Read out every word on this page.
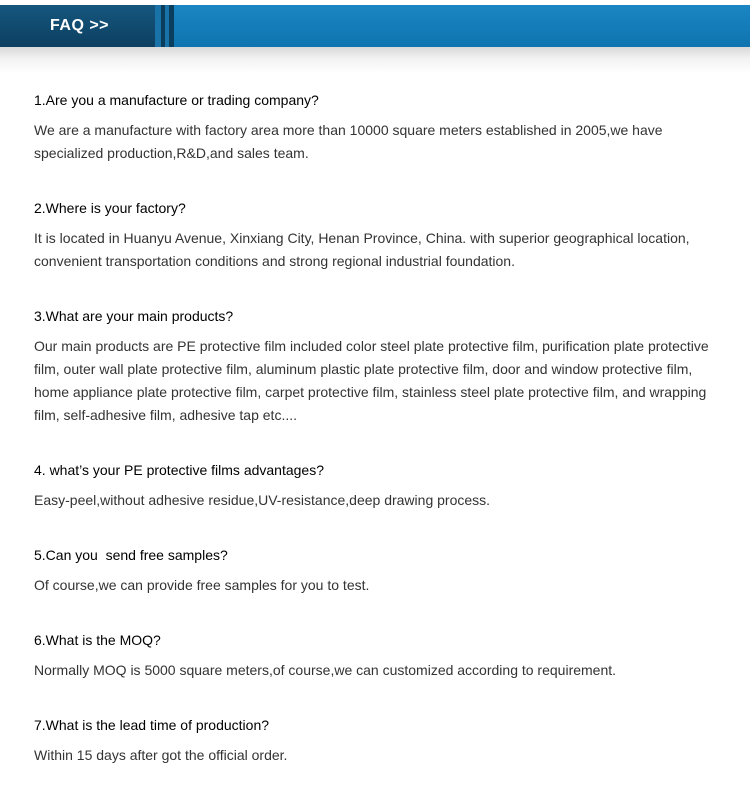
FAQ >>

1.Are you a manufacture or trading company?

We are a manufacture with factory area more than 10000 square meters established in 2005,we have specialized production,R&D,and sales team.

2.Where is your factory?

It is located in Huanyu Avenue, Xinxiang City, Henan Province, China. with superior geographical location, convenient transportation conditions and strong regional industrial foundation.

3.What are your main products?

Our main products are PE protective film included color steel plate protective film, purification plate protective film, outer wall plate protective film, aluminum plastic plate protective film, door and window protective film, home appliance plate protective film, carpet protective film, stainless steel plate protective film, and wrapping film, self-adhesive film, adhesive tap etc....

4. what’s your PE protective films advantages?

Easy-peel,without adhesive residue,UV-resistance,deep drawing process.

5.Can you  send free samples?

Of course,we can provide free samples for you to test.

6.What is the MOQ?

Normally MOQ is 5000 square meters,of course,we can customized according to requirement.

7.What is the lead time of production?

Within 15 days after got the official order.
